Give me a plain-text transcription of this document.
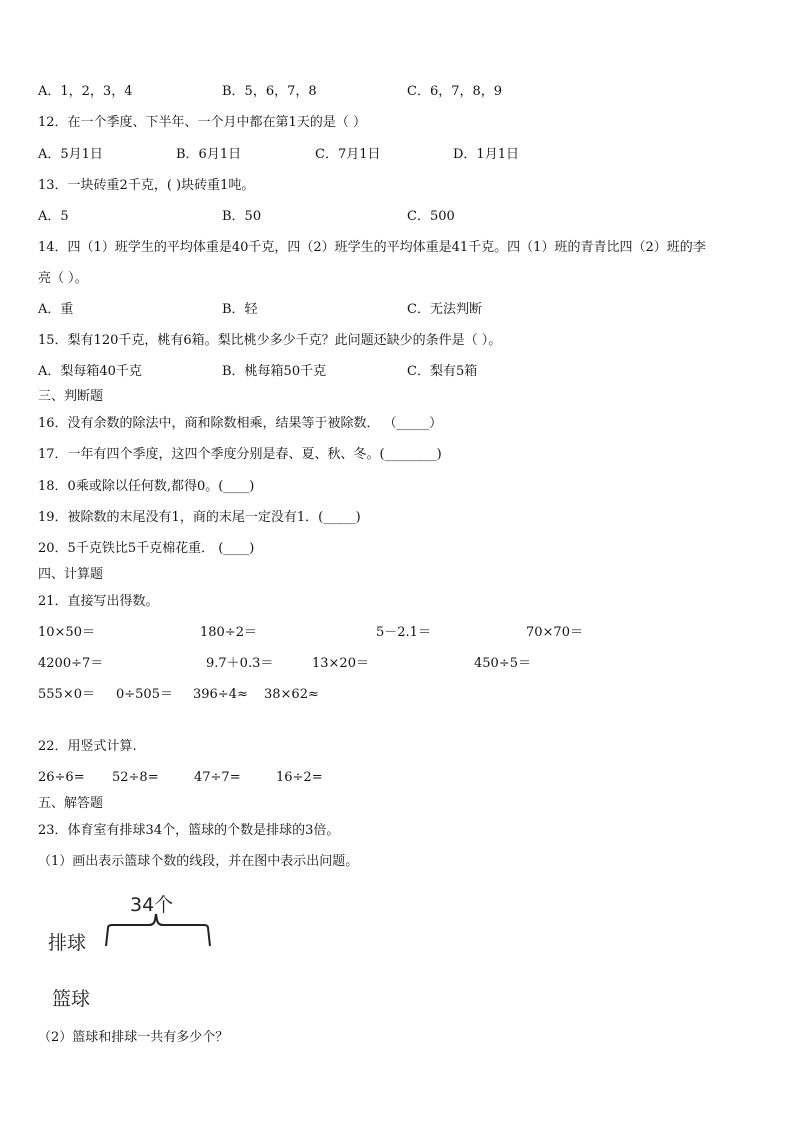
A．1，2，3，4	B．5，6，7，8	C．6，7，8，9
12．在一个季度、下半年、一个月中都在第1天的是（ ）
A．5月1日	B．6月1日	C．7月1日	D．1月1日
13．一块砖重2千克，( )块砖重1吨。
A．5	B．50	C．500
14．四（1）班学生的平均体重是40千克，四（2）班学生的平均体重是41千克。四（1）班的青青比四（2）班的李
亮（ ）。
A．重	B．轻	C．无法判断
15．梨有120千克，桃有6箱。梨比桃少多少千克？此问题还缺少的条件是（ ）。
A．梨每箱40千克	B．桃每箱50千克	C．梨有5箱
三、判断题
16．没有余数的除法中，商和除数相乘，结果等于被除数． （_____）
17．一年有四个季度，这四个季度分别是春、夏、秋、冬。(________)
18．0乘或除以任何数,都得0。(____)
19．被除数的末尾没有1，商的末尾一定没有1．(_____)
20．5千克铁比5千克棉花重． (____)
四、计算题
21．直接写出得数。
10×50＝	180÷2＝	5－2.1＝	70×70＝
4200÷7＝	9.7＋0.3＝	13×20＝	450÷5＝
555×0＝ 0÷505＝ 396÷4≈ 38×62≈
22．用竖式计算.
26÷6= 52÷8=	47÷7=	16÷2=
五、解答题
23．体育室有排球34个，篮球的个数是排球的3倍。
（1）画出表示篮球个数的线段，并在图中表示出问题。
34个
排球
篮球
（2）篮球和排球一共有多少个？
